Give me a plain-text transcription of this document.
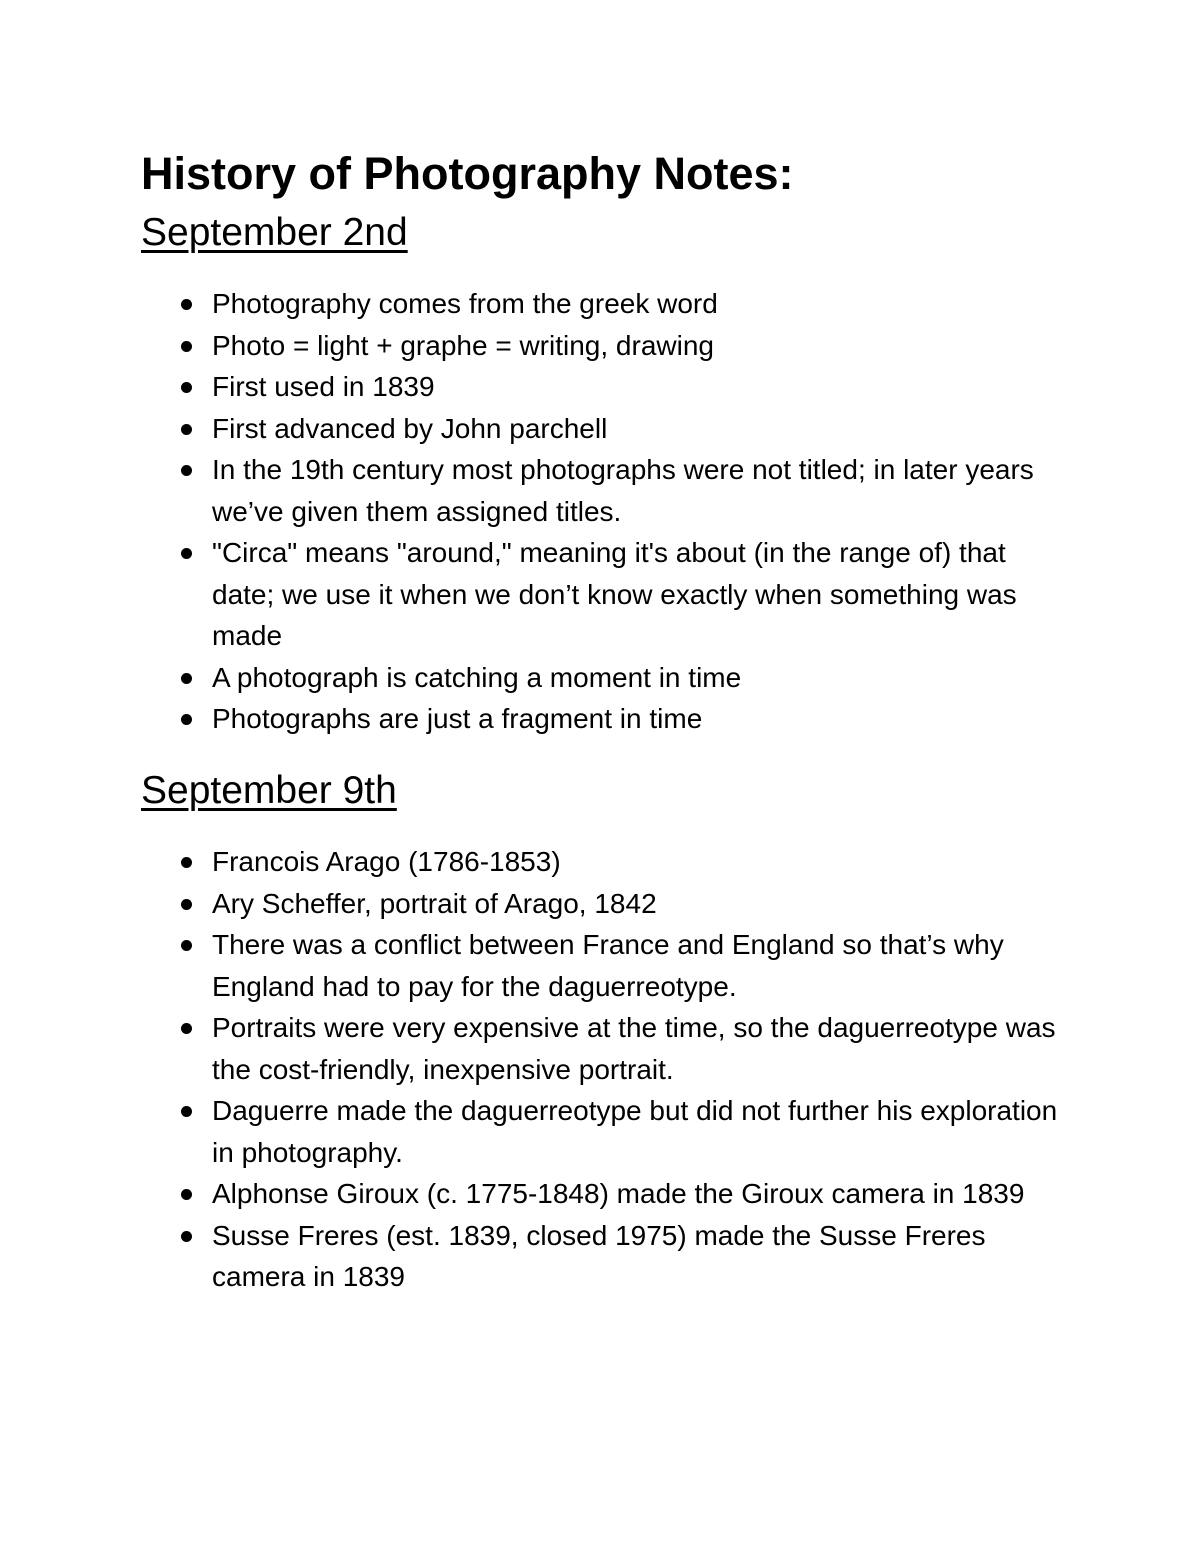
History of Photography Notes:
September 2nd
Photography comes from the greek word
Photo = light + graphe = writing, drawing
First used in 1839
First advanced by John parchell
In the 19th century most photographs were not titled; in later years we’ve given them assigned titles.
"Circa" means "around," meaning it's about (in the range of) that date; we use it when we don’t know exactly when something was made
A photograph is catching a moment in time
Photographs are just a fragment in time
September 9th
Francois Arago (1786-1853)
Ary Scheffer, portrait of Arago, 1842
There was a conflict between France and England so that’s why England had to pay for the daguerreotype.
Portraits were very expensive at the time, so the daguerreotype was the cost-friendly, inexpensive portrait.
Daguerre made the daguerreotype but did not further his exploration in photography.
Alphonse Giroux (c. 1775-1848) made the Giroux camera in 1839
Susse Freres (est. 1839, closed 1975) made the Susse Freres camera in 1839
